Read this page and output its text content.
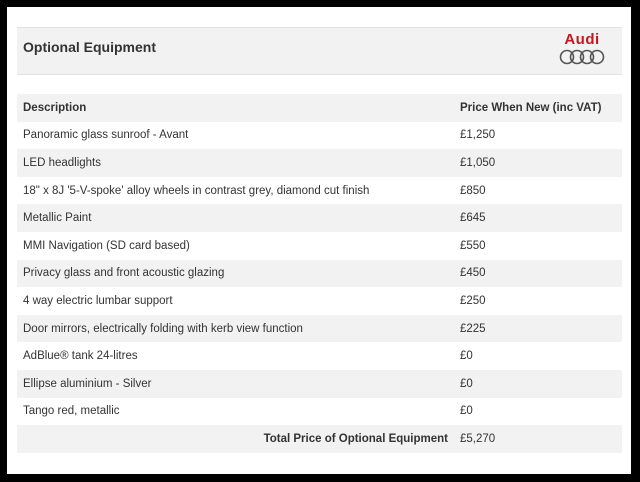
Optional Equipment	Audi
Description	Price When New (inc VAT)
Panoramic glass sunroof - Avant	£1,250
LED headlights	£1,050
18" x 8J '5-V-spoke' alloy wheels in contrast grey, diamond cut finish	£850
Metallic Paint	£645
MMI Navigation (SD card based)	£550
Privacy glass and front acoustic glazing	£450
4 way electric lumbar support	£250
Door mirrors, electrically folding with kerb view function	£225
AdBlue® tank 24-litres	£0
Ellipse aluminium - Silver	£0
Tango red, metallic	£0
Total Price of Optional Equipment	£5,270
